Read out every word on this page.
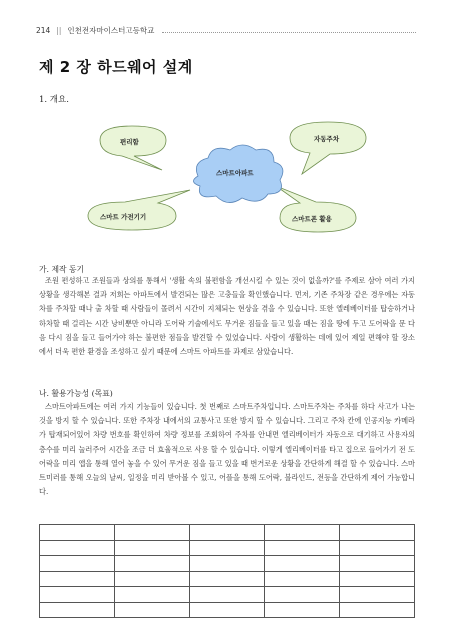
214 || 인천전자마이스터고등학교
제 2 장 하드웨어 설계
1. 개요.
편리함	자동주차
스마트아파트
스마트 가전기기	스마트폰 활용
가. 제작 동기

조원 편성하고 조원들과 상의를 통해서 '생활 속의 불편함을 개선시킬 수 있는 것이 없을까?'를 주제로 삼아 여러 가지 상황을 생각해본 결과 저희는 아파트에서 발견되는 많은 고충들을 확인했습니다. 먼저, 기존 주차장 같은 경우에는 자동차를 주차할 때나 출 차할 때 사람들이 몰려서 시간이 지체되는 현상을 겪을 수 있습니다. 또한 엘레베이터를 탑승하거나 하차할 때 걸리는 시간 낭비뿐만 아니라 도어락 기술에서도 무거운 짐들을 들고 있을 때는 짐을 땅에 두고 도어락을 문 다음 다시 짐을 들고 들어가야 하는 불편한 점들을 발견할 수 있었습니다. 사람이 생활하는 데에 있어 제일 편해야 할 장소에서 더욱 편한 환경을 조성하고 싶기 때문에 스마트 아파트를 과제로 삼았습니다.

나. 활용가능성 (목표)

스마트아파트에는 여러 가지 기능들이 있습니다. 첫 번째로 스마트주차입니다. 스마트주차는 주차를 하다 사고가 나는 것을 방지 할 수 있습니다. 또한 주차장 내에서의 교통사고 또한 방지 할 수 있습니다. 그리고 주차 칸에 인공지능 카메라가 탑재되어있어 차량 번호를 확인하여 차량 정보를 조회하여 주차를 안내면 엘리베이터가 자동으로 대기하고 사용자의 층수를 미리 눌러주어 시간을 조금 더 효율적으로 사용 할 수 있습니다. 이렇게 엘리베이터를 타고 집으로 들어가기 전 도어락을 미리 앱을 통해 열어 놓을 수 있어 무거운 짐을 들고 있을 때 번거로운 상황을 간단하게 해결 할 수 있습니다. 스마트미러를 통해 오늘의 날씨, 일정을 미리 받아볼 수 있고, 어플을 통해 도어락, 블라인드, 전등을 간단하게 제어 가능합니다.
